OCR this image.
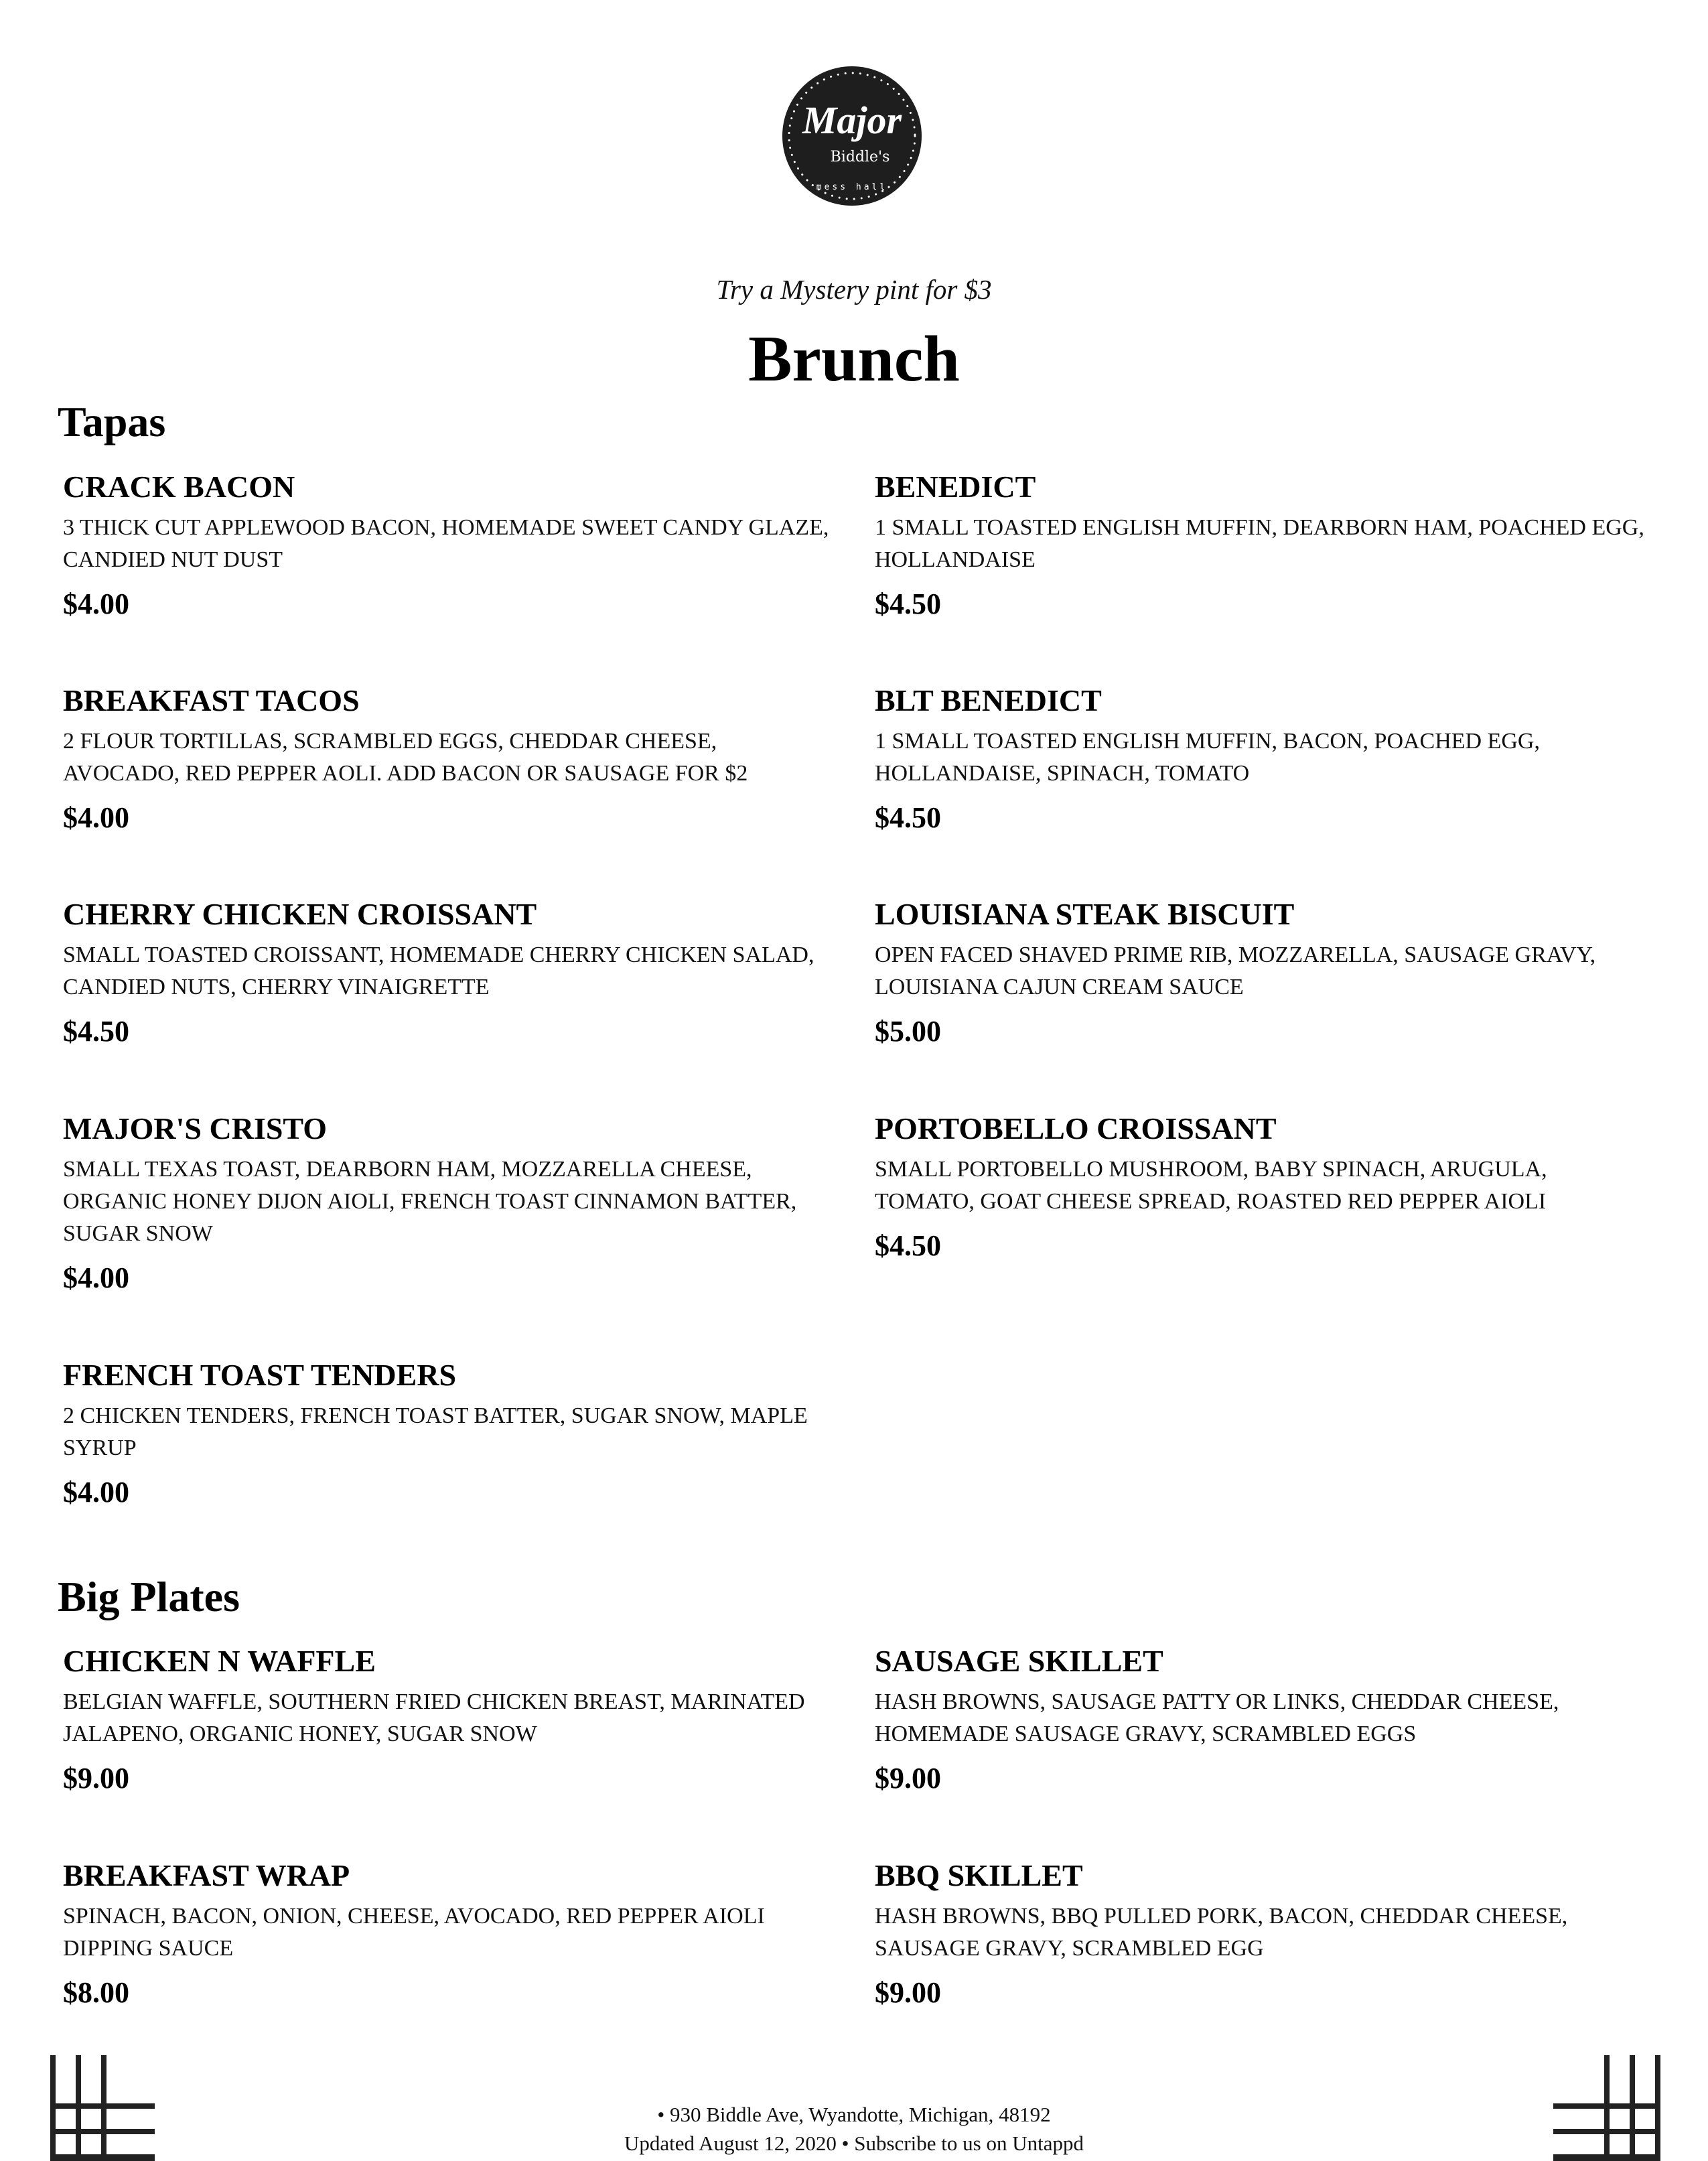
Major
Biddle's
mess hall
Try a Mystery pint for $3
Brunch
Tapas
CRACK BACON
3 THICK CUT APPLEWOOD BACON, HOMEMADE SWEET CANDY GLAZE, CANDIED NUT DUST
$4.00
BENEDICT
1 SMALL TOASTED ENGLISH MUFFIN, DEARBORN HAM, POACHED EGG, HOLLANDAISE
$4.50
BREAKFAST TACOS
2 FLOUR TORTILLAS, SCRAMBLED EGGS, CHEDDAR CHEESE, AVOCADO, RED PEPPER AOLI. ADD BACON OR SAUSAGE FOR $2
$4.00
BLT BENEDICT
1 SMALL TOASTED ENGLISH MUFFIN, BACON, POACHED EGG, HOLLANDAISE, SPINACH, TOMATO
$4.50
CHERRY CHICKEN CROISSANT
SMALL TOASTED CROISSANT, HOMEMADE CHERRY CHICKEN SALAD, CANDIED NUTS, CHERRY VINAIGRETTE
$4.50
LOUISIANA STEAK BISCUIT
OPEN FACED SHAVED PRIME RIB, MOZZARELLA, SAUSAGE GRAVY, LOUISIANA CAJUN CREAM SAUCE
$5.00
MAJOR'S CRISTO
SMALL TEXAS TOAST, DEARBORN HAM, MOZZARELLA CHEESE, ORGANIC HONEY DIJON AIOLI, FRENCH TOAST CINNAMON BATTER, SUGAR SNOW
$4.00
PORTOBELLO CROISSANT
SMALL PORTOBELLO MUSHROOM, BABY SPINACH, ARUGULA, TOMATO, GOAT CHEESE SPREAD, ROASTED RED PEPPER AIOLI
$4.50
FRENCH TOAST TENDERS
2 CHICKEN TENDERS, FRENCH TOAST BATTER, SUGAR SNOW, MAPLE SYRUP
$4.00
Big Plates
CHICKEN N WAFFLE
BELGIAN WAFFLE, SOUTHERN FRIED CHICKEN BREAST, MARINATED JALAPENO, ORGANIC HONEY, SUGAR SNOW
$9.00
SAUSAGE SKILLET
HASH BROWNS, SAUSAGE PATTY OR LINKS, CHEDDAR CHEESE, HOMEMADE SAUSAGE GRAVY, SCRAMBLED EGGS
$9.00
BREAKFAST WRAP
SPINACH, BACON, ONION, CHEESE, AVOCADO, RED PEPPER AIOLI DIPPING SAUCE
$8.00
BBQ SKILLET
HASH BROWNS, BBQ PULLED PORK, BACON, CHEDDAR CHEESE, SAUSAGE GRAVY, SCRAMBLED EGG
$9.00
• 930 Biddle Ave, Wyandotte, Michigan, 48192
Updated August 12, 2020 • Subscribe to us on Untappd
